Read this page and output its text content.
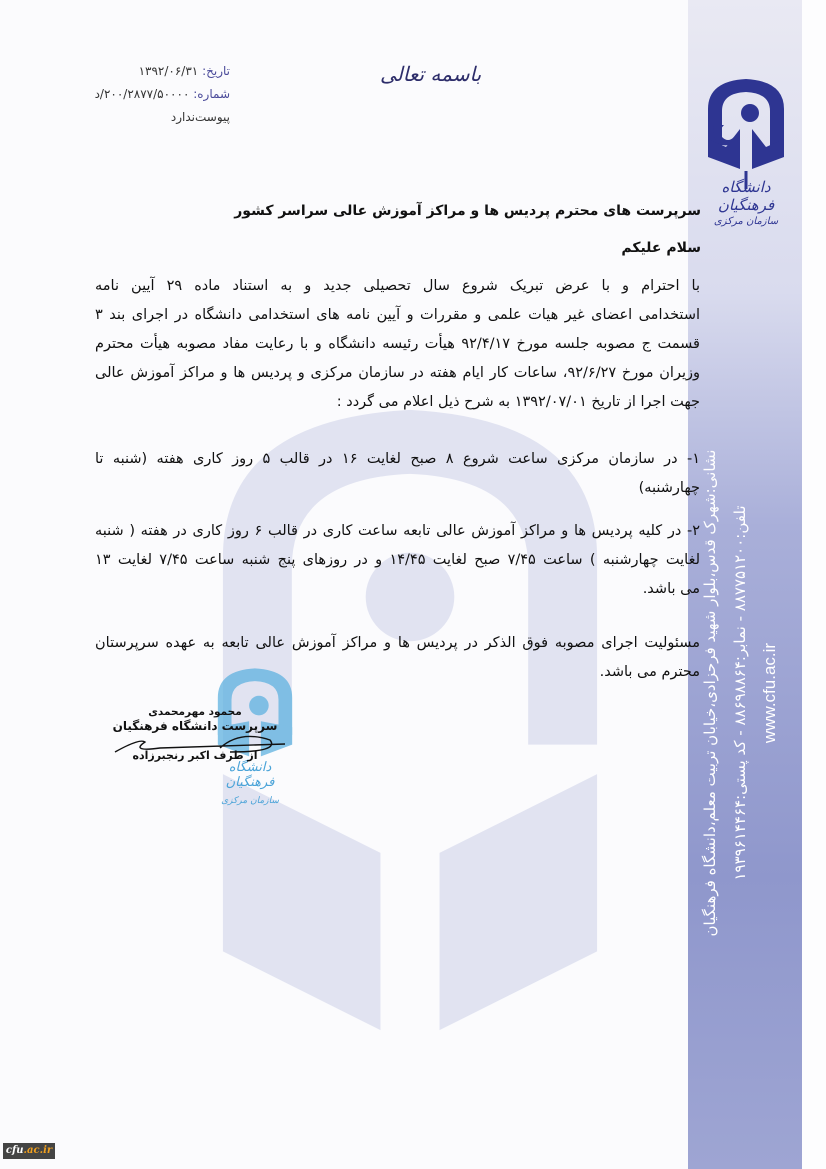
دانشگاه فرهنگیان
سازمان مرکزی
نشانی:شهرک قدس،بلوار شهید فرحزادی،خیابان تربیت معلم،دانشگاه فرهنگیان تلفن:۸۸۷۷۵۱۲۰۰ - نمابر:۸۸۶۹۸۸۶۴ - کد پستی:۱۹۳۹۶۱۴۴۶۴
www.cfu.ac.ir
باسمه تعالی
تاریخ: ۱۳۹۲/۰۶/۳۱
شماره: ۲۰۰/۲۸۷۷/۵۰۰۰۰/د
پیوست‌ندارد
سرپرست های محترم پردیس ها و مراکز آموزش عالی سراسر کشور
سلام علیکم
با احترام و با عرض تبریک شروع سال تحصیلی جدید و به استناد ماده ۲۹ آیین نامه
استخدامی اعضای غیر هیات علمی و مقررات و آیین نامه های استخدامی دانشگاه در اجرای بند ۳
قسمت ج مصوبه جلسه مورخ ۹۲/۴/۱۷ هیأت رئیسه دانشگاه و با رعایت مفاد مصوبه هیأت محترم
وزیران مورخ ۹۲/۶/۲۷، ساعات کار ایام هفته در سازمان مرکزی و پردیس ها و مراکز آموزش عالی
جهت اجرا از تاریخ ۱۳۹۲/۰۷/۰۱ به شرح ذیل اعلام می گردد :
۱- در سازمان مرکزی ساعت شروع ۸ صبح لغایت ۱۶ در قالب ۵ روز کاری هفته (شنبه تا
چهارشنبه)
۲- در کلیه پردیس ها و مراکز آموزش عالی تابعه ساعت کاری در قالب ۶ روز کاری در هفته ( شنبه
لغایت چهارشنبه ) ساعت ۷/۴۵ صبح لغایت ۱۴/۴۵ و در روزهای پنج شنبه ساعت ۷/۴۵ لغایت ۱۳
می باشد.
مسئولیت اجرای مصوبه فوق الذکر در پردیس ها و مراکز آموزش عالی تابعه به عهده سرپرستان
محترم می باشد.
دانشگاه فرهنگیان
سازمان مرکزی
محمود مهرمحمدی
سرپرست دانشگاه فرهنگیان
از طرف اکبر رنجبرزاده
cfu.ac.ir
